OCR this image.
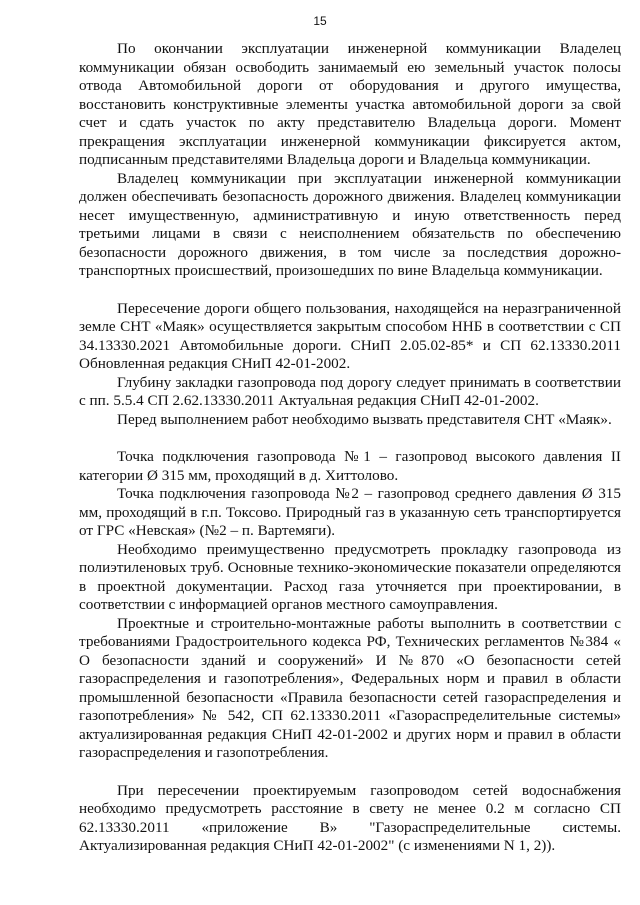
15

По окончании эксплуатации инженерной коммуникации Владелец коммуникации обязан освободить занимаемый ею земельный участок полосы отвода Автомобильной дороги от оборудования и другого имущества, восстановить конструктивные элементы участка автомобильной дороги за свой счет и сдать участок по акту представителю Владельца дороги. Момент прекращения эксплуатации инженерной коммуникации фиксируется актом, подписанным представителями Владельца дороги и Владельца коммуникации.

Владелец коммуникации при эксплуатации инженерной коммуникации должен обеспечивать безопасность дорожного движения. Владелец коммуникации несет имущественную, административную и иную ответственность перед третьими лицами в связи с неисполнением обязательств по обеспечению безопасности дорожного движения, в том числе за последствия дорожно-транспортных происшествий, произошедших по вине Владельца коммуникации.

Пересечение дороги общего пользования, находящейся на неразграниченной земле СНТ «Маяк» осуществляется закрытым способом ННБ в соответствии с СП 34.13330.2021 Автомобильные дороги. СНиП 2.05.02-85* и СП 62.13330.2011 Обновленная редакция СНиП 42-01-2002.

Глубину закладки газопровода под дорогу следует принимать в соответствии с пп. 5.5.4 СП 2.62.13330.2011 Актуальная редакция СНиП 42-01-2002.

Перед выполнением работ необходимо вызвать представителя СНТ «Маяк».

Точка подключения газопровода №1 – газопровод высокого давления II категории Ø 315 мм, проходящий в д. Хиттолово.

Точка подключения газопровода №2 – газопровод среднего давления Ø 315 мм, проходящий в г.п. Токсово. Природный газ в указанную сеть транспортируется от ГРС «Невская» (№2 – п. Вартемяги).

Необходимо преимущественно предусмотреть прокладку газопровода из полиэтиленовых труб. Основные технико-экономические показатели определяются в проектной документации. Расход газа уточняется при проектировании, в соответствии с информацией органов местного самоуправления.

Проектные и строительно-монтажные работы выполнить в соответствии с требованиями Градостроительного кодекса РФ, Технических регламентов №384 « О безопасности зданий и сооружений» И №870 «О безопасности сетей газораспределения и газопотребления», Федеральных норм и правил в области промышленной безопасности «Правила безопасности сетей газораспределения и газопотребления» № 542, СП 62.13330.2011 «Газораспределительные системы» актуализированная редакция СНиП 42-01-2002 и других норм и правил в области газораспределения и газопотребления.

При пересечении проектируемым газопроводом сетей водоснабжения необходимо предусмотреть расстояние в свету не менее 0.2 м согласно СП 62.13330.2011 «приложение В» "Газораспределительные системы. Актуализированная редакция СНиП 42-01-2002" (с изменениями N 1, 2)).
